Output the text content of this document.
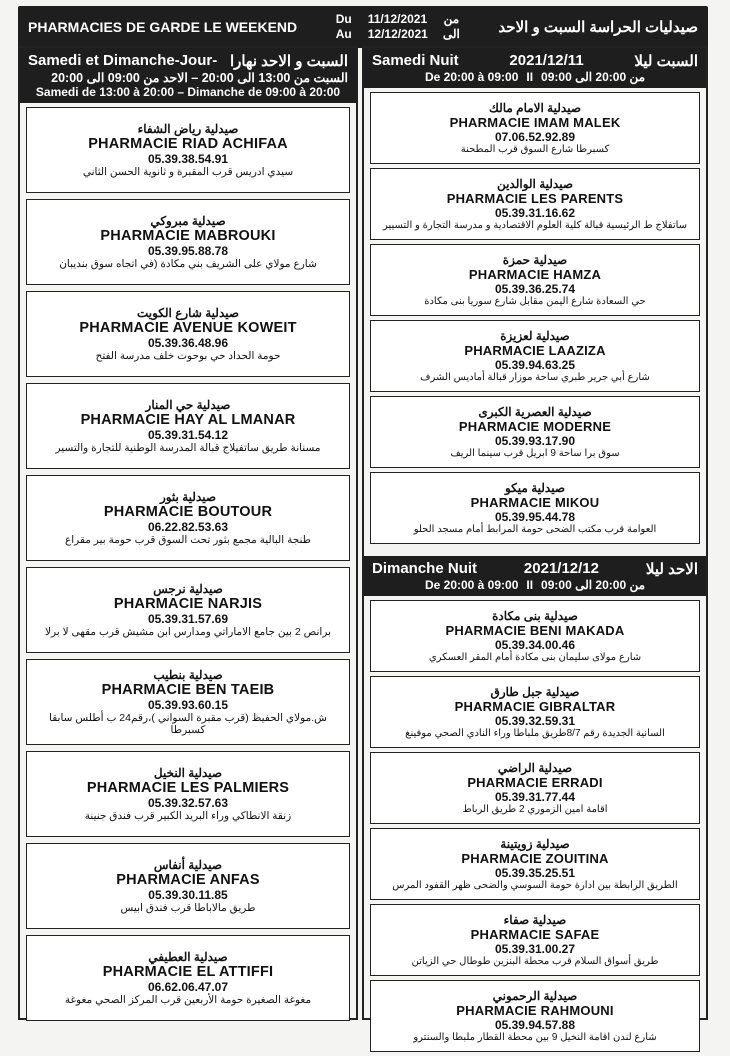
PHARMACIES DE GARDE LE WEEKEND	Du	11/12/2021	من
Au	12/12/2021	الى	صيدليات الحراسة السبت و الاحد
Samedi et Dimanche-Jour- السبت و الاحد نهارا
السبت من 13:00 الى 20:00 – الاحد من 09:00 الى 20:00
Samedi de 13:00 à 20:00 – Dimanche de 09:00 à 20:00
صيدلية رياض الشفاء
PHARMACIE RIAD ACHIFAA
05.39.38.54.91
سيدي ادريس قرب المقبرة و ثانوية الحسن الثاني
صيدلية مبروكي
PHARMACIE MABROUKI
05.39.95.88.78
شارع مولاي على الشريف بني مكادة (في اتجاه سوق بنديبان
صيدلية شارع الكويت
PHARMACIE AVENUE KOWEIT
05.39.36.48.96
حومة الحداد حي بوحوت خلف مدرسة الفتح
صيدلية حي المنار
PHARMACIE HAY AL LMANAR
05.39.31.54.12
مسنانة طريق ساتفيلاج قبالة المدرسة الوطنية للتجارة والتسير
صيدلية بثور
PHARMACIE BOUTOUR
06.22.82.53.63
طنجة البالية مجمع بثور تحت السوق قرب حومة بير مقراع
صيدلية نرجس
PHARMACIE NARJIS
05.39.31.57.69
برانص 2 بين جامع الاماراتي ومدارس ابن مشيش قرب مقهى لا برلا
صيدلية بنطيب
PHARMACIE BEN TAEIB
05.39.93.60.15
ش.مولاي الحفيظ (قرب مقبرة السواني )،رقم24 ب أطلس سابقا كسبرطا
صيدلية النخيل
PHARMACIE LES PALMIERS
05.39.32.57.63
زنقة الانطاكي وراء البريد الكبير قرب فندق جنينة
صيدلية أنفاس
PHARMACIE ANFAS
05.39.30.11.85
طريق مالاباطا قرب فندق ابيس
صيدلية العطيفي
PHARMACIE EL ATTIFFI
06.62.06.47.07
مغوغة الصغيرة حومة الأربعين قرب المركز الصحي مغوغة
Samedi Nuit	2021/12/11	السبت ليلا
De 20:00 à 09:00 II من 20:00 الى 09:00
صيدلية الامام مالك
PHARMACIE IMAM MALEK
07.06.52.92.89
كسبرطا شارع السوق قرب المطحنة
صيدلية الوالدين
PHARMACIE LES PARENTS
05.39.31.16.62
ساتفلاج ط الرئيسية قبالة كلية العلوم الاقتصادية و مدرسة التجارة و التسيير
صيدلية حمزة
PHARMACIE HAMZA
05.39.36.25.74
حي السعادة شارع اليمن مقابل شارع سوريا بنى مكادة
صيدلية لعزيزة
PHARMACIE LAAZIZA
05.39.94.63.25
شارع أبي جرير طبري ساحة موزار قبالة أماديس الشرف
صيدلية العصرية الكبرى
PHARMACIE MODERNE
05.39.93.17.90
سوق برا ساحة 9 ابريل قرب سينما الريف
صيدلية ميكو
PHARMACIE MIKOU
05.39.95.44.78
العوامة قرب مكتب الضحى حومة المرابط أمام مسجد الحلو
Dimanche Nuit	2021/12/12	الاحد ليلا
De 20:00 à 09:00 II من 20:00 الى 09:00
صيدلية بنى مكادة
PHARMACIE BENI MAKADA
05.39.34.00.46
شارع مولاى سليمان بنى مكادة أمام المقر العسكري
صيدلية جبل طارق
PHARMACIE GIBRALTAR
05.39.32.59.31
السانية الجديدة رقم 8/7طريق ملباطا وراء النادي الصحي موفينغ
صيدلية الراضي
PHARMACIE ERRADI
05.39.31.77.44
اقامة امين الزموري 2 طريق الرباط
صيدلية زويتينة
PHARMACIE ZOUITINA
05.39.35.25.51
الطريق الرابطة بين ادارة حومة السوسي والضحى ظهر القفود المرس
صيدلية صفاء
PHARMACIE SAFAE
05.39.31.00.27
طريق أسواق السلام قرب محطة البنزين طوطال حي الزياتن
صيدلية الرحموني
PHARMACIE RAHMOUNI
05.39.94.57.88
شارع لندن اقامة النخيل 9 بين محطة القطار ملبطا والسنترو
